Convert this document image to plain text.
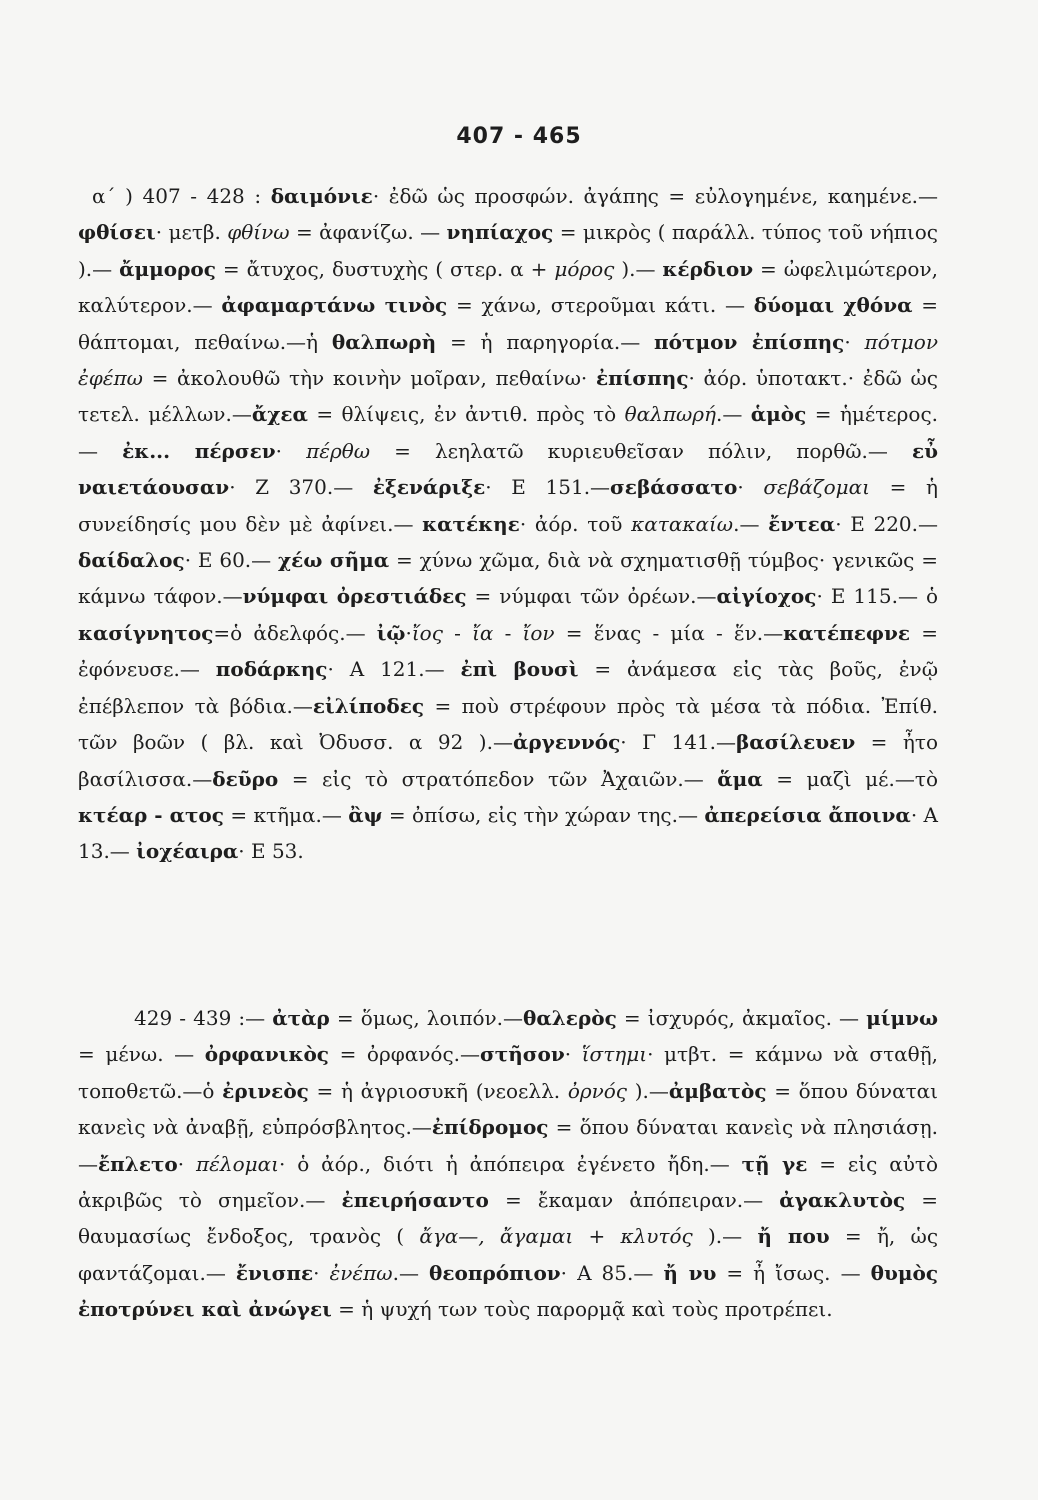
407 - 465
α΄ ) 407 - 428 : δαιμόνιε· ἐδῶ ὡς προσφών. ἀγάπης = εὐλογημένε, καημένε.— φθίσει· μετβ. φθίνω = ἀφανίζω. — νηπίαχος = μικρὸς ( παράλλ. τύπος τοῦ νήπιος ).— ἄμμορος = ἄτυχος, δυστυχὴς ( στερ. α + μόρος ).— κέρδιον = ὠφελιμώτερον, καλύτερον.— ἀφαμαρτάνω τινὸς = χάνω, στεροῦμαι κάτι. — δύομαι χθόνα = θάπτομαι, πεθαίνω.—ἡ θαλπωρὴ = ἡ παρηγορία.— πότμον ἐπίσπης· πότμον ἐφέπω = ἀκολουθῶ τὴν κοινὴν μοῖραν, πεθαίνω· ἐπίσπης· ἀόρ. ὑποτακτ.· ἐδῶ ὡς τετελ. μέλλων.—ἄχεα = θλίψεις, ἐν ἀντιθ. πρὸς τὸ θαλπωρή.— ἁμὸς = ἡμέτερος. — ἐκ... πέρσεν· πέρθω = λεηλατῶ κυριευθεῖσαν πόλιν, πορθῶ.— εὖ ναιετάουσαν· Ζ 370.— ἐξενάριξε· Ε 151.—σεβάσσατο· σεβάζομαι = ἡ συνείδησίς μου δὲν μὲ ἀφίνει.— κατέκηε· ἀόρ. τοῦ κατακαίω.— ἔντεα· Ε 220.—δαίδαλος· Ε 60.— χέω σῆμα = χύνω χῶμα, διὰ νὰ σχηματισθῇ τύμβος· γενικῶς = κάμνω τάφον.—νύμφαι ὀρεστιάδες = νύμφαι τῶν ὀρέων.—αἰγίοχος· Ε 115.— ὁ κασίγνητος=ὁ ἀδελφός.— ἰῷ·ἴος - ἴα - ἴον = ἕνας - μία - ἕν.—κατέπεφνε = ἐφόνευσε.— ποδάρκης· Α 121.— ἐπὶ βουσὶ = ἀνάμεσα εἰς τὰς βοῦς, ἐνῷ ἐπέβλεπον τὰ βόδια.—εἰλίποδες = ποὺ στρέφουν πρὸς τὰ μέσα τὰ πόδια. Ἐπίθ. τῶν βοῶν ( βλ. καὶ Ὀδυσσ. α 92 ).—ἀργεννός· Γ 141.—βασίλευεν = ἦτο βασίλισσα.—δεῦρο = εἰς τὸ στρατόπεδον τῶν Ἀχαιῶν.— ἅμα = μαζὶ μέ.—τὸ κτέαρ - ατος = κτῆμα.— ἂψ = ὀπίσω, εἰς τὴν χώραν της.— ἀπερείσια ἄποινα· Α 13.— ἰοχέαιρα· Ε 53.
429 - 439 :— ἀτὰρ = ὅμως, λοιπόν.—θαλερὸς = ἰσχυρός, ἀκμαῖος. — μίμνω = μένω. — ὀρφανικὸς = ὀρφανός.—στῆσον· ἵστημι· μτβτ. = κάμνω νὰ σταθῇ, τοποθετῶ.—ὁ ἐρινεὸς = ἡ ἀγριοσυκῆ (νεοελλ. ὀρνός ).—ἀμβατὸς = ὅπου δύναται κανεὶς νὰ ἀναβῇ, εὐπρόσβλητος.—ἐπίδρομος = ὅπου δύναται κανεὶς νὰ πλησιάσῃ.—ἔπλετο· πέλομαι· ὁ ἀόρ., διότι ἡ ἀπόπειρα ἐγένετο ἤδη.— τῇ γε = εἰς αὐτὸ ἀκριβῶς τὸ σημεῖον.— ἐπειρήσαντο = ἔκαμαν ἀπόπειραν.— ἀγακλυτὸς = θαυμασίως ἔνδοξος, τρανὸς ( ἄγα—, ἄγαμαι + κλυτός ).— ἤ που = ἤ, ὡς φαντάζομαι.— ἔνισπε· ἐνέπω.— θεοπρόπιον· Α 85.— ἤ νυ = ἦ ἴσως. — θυμὸς ἐποτρύνει καὶ ἀνώγει = ἡ ψυχή των τοὺς παρορμᾷ καὶ τοὺς προτρέπει.
